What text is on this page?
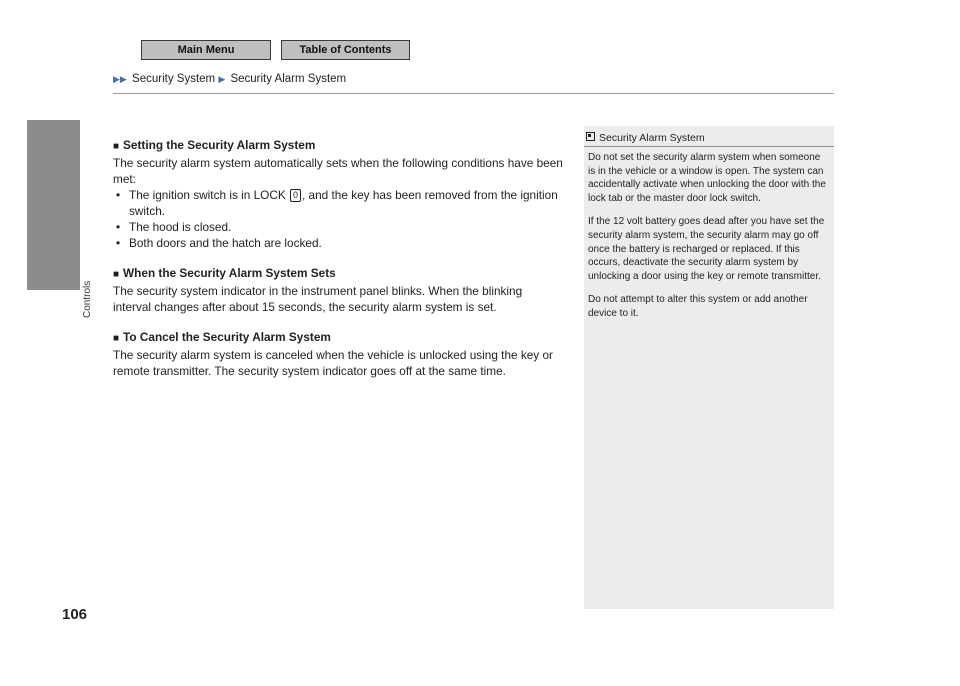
Main Menu	Table of Contents
▶▶ Security System ▶ Security Alarm System
Controls

■ Setting the Security Alarm System

The security alarm system automatically sets when the following conditions have been met:

• The ignition switch is in LOCK 0 , and the key has been removed from the ignition switch.
• The hood is closed.
• Both doors and the hatch are locked.

■ When the Security Alarm System Sets

The security system indicator in the instrument panel blinks. When the blinking interval changes after about 15 seconds, the security alarm system is set.

■ To Cancel the Security Alarm System

The security alarm system is canceled when the vehicle is unlocked using the key or remote transmitter. The security system indicator goes off at the same time.

Security Alarm System

Do not set the security alarm system when someone is in the vehicle or a window is open. The system can accidentally activate when unlocking the door with the lock tab or the master door lock switch.

If the 12 volt battery goes dead after you have set the security alarm system, the security alarm may go off once the battery is recharged or replaced. If this occurs, deactivate the security alarm system by unlocking a door using the key or remote transmitter.

Do not attempt to alter this system or add another device to it.

106
